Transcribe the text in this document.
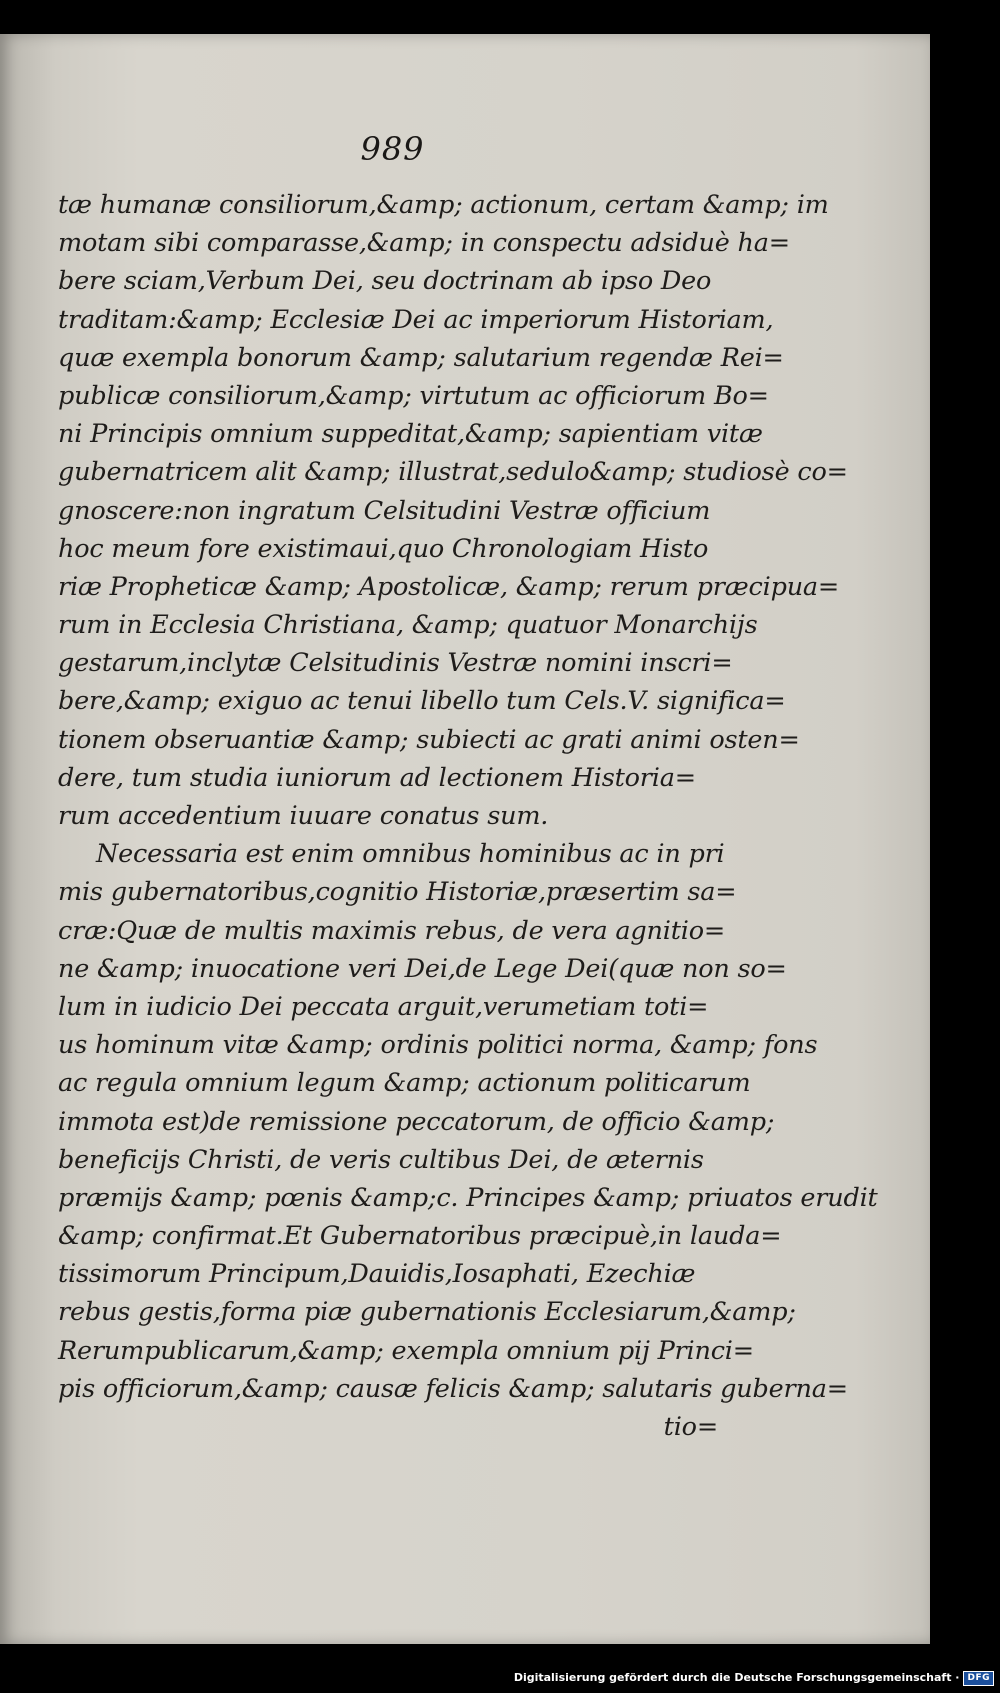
989
tæ humanæ consiliorum,&amp; actionum, certam &amp; im
motam sibi comparasse,&amp; in conspectu adsiduè ha=
bere sciam,Verbum Dei, seu doctrinam ab ipso Deo
traditam:&amp; Ecclesiæ Dei ac imperiorum Historiam,
quæ exempla bonorum &amp; salutarium regendæ Rei=
publicæ consiliorum,&amp; virtutum ac officiorum Bo=
ni Principis omnium suppeditat,&amp; sapientiam vitæ
gubernatricem alit &amp; illustrat,sedulo&amp; studiosè co=
gnoscere:non ingratum Celsitudini Vestræ officium
hoc meum fore existimaui,quo Chronologiam Histo
riæ Propheticæ &amp; Apostolicæ, &amp; rerum præcipua=
rum in Ecclesia Christiana, &amp; quatuor Monarchijs
gestarum,inclytæ Celsitudinis Vestræ nomini inscri=
bere,&amp; exiguo ac tenui libello tum Cels.V. significa=
tionem obseruantiæ &amp; subiecti ac grati animi osten=
dere, tum studia iuniorum ad lectionem Historia=
rum accedentium iuuare conatus sum.
Necessaria est enim omnibus hominibus ac in pri
mis gubernatoribus,cognitio Historiæ,præsertim sa=
cræ:Quæ de multis maximis rebus, de vera agnitio=
ne &amp; inuocatione veri Dei,de Lege Dei(quæ non so=
lum in iudicio Dei peccata arguit,verumetiam toti=
us hominum vitæ &amp; ordinis politici norma, &amp; fons
ac regula omnium legum &amp; actionum politicarum
immota est)de remissione peccatorum, de officio &amp;
beneficijs Christi, de veris cultibus Dei, de æternis
præmijs &amp; pœnis &amp;c. Principes &amp; priuatos erudit
&amp; confirmat.Et Gubernatoribus præcipuè,in lauda=
tissimorum Principum,Dauidis,Iosaphati, Ezechiæ
rebus gestis,forma piæ gubernationis Ecclesiarum,&amp;
Rerumpublicarum,&amp; exempla omnium pij Princi=
pis officiorum,&amp; causæ felicis &amp; salutaris guberna=
tio=
Digitalisierung gefördert durch die Deutsche Forschungsgemeinschaft · DFG
